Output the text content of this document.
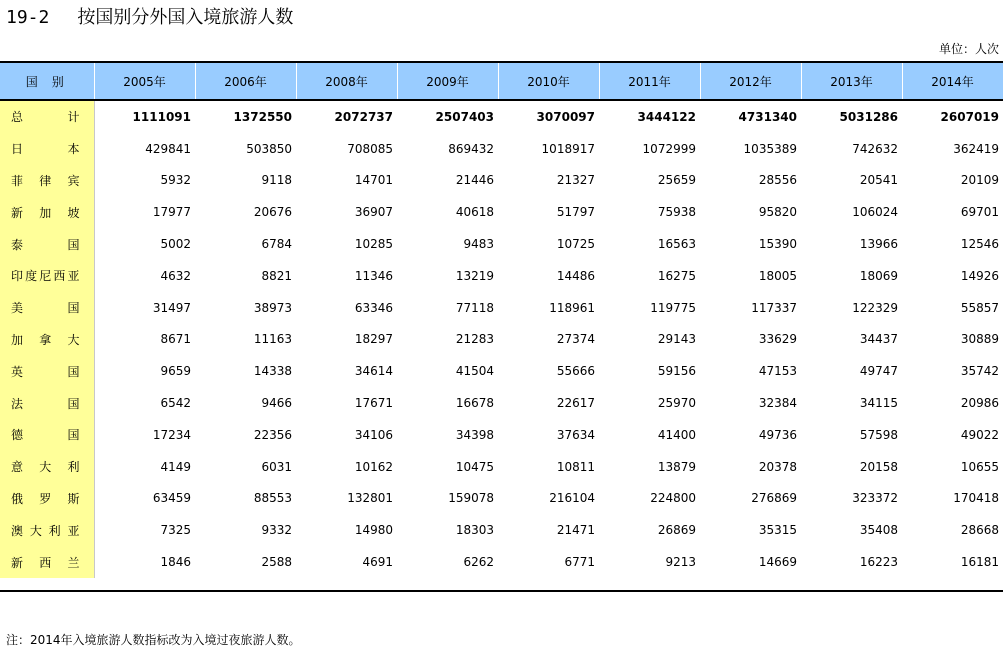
19-2 按国别分外国入境旅游人数
单位：人次
国别	2005年	2006年	2008年	2009年	2010年	2011年	2012年	2013年	2014年
总计	1111091	1372550	2072737	2507403	3070097	3444122	4731340	5031286	2607019
日本	429841	503850	708085	869432	1018917	1072999	1035389	742632	362419
菲律宾	5932	9118	14701	21446	21327	25659	28556	20541	20109
新加坡	17977	20676	36907	40618	51797	75938	95820	106024	69701
泰国	5002	6784	10285	9483	10725	16563	15390	13966	12546
印度尼西亚	4632	8821	11346	13219	14486	16275	18005	18069	14926
美国	31497	38973	63346	77118	118961	119775	117337	122329	55857
加拿大	8671	11163	18297	21283	27374	29143	33629	34437	30889
英国	9659	14338	34614	41504	55666	59156	47153	49747	35742
法国	6542	9466	17671	16678	22617	25970	32384	34115	20986
德国	17234	22356	34106	34398	37634	41400	49736	57598	49022
意大利	4149	6031	10162	10475	10811	13879	20378	20158	10655
俄罗斯	63459	88553	132801	159078	216104	224800	276869	323372	170418
澳大利亚	7325	9332	14980	18303	21471	26869	35315	35408	28668
新西兰	1846	2588	4691	6262	6771	9213	14669	16223	16181
注：2014年入境旅游人数指标改为入境过夜旅游人数。
